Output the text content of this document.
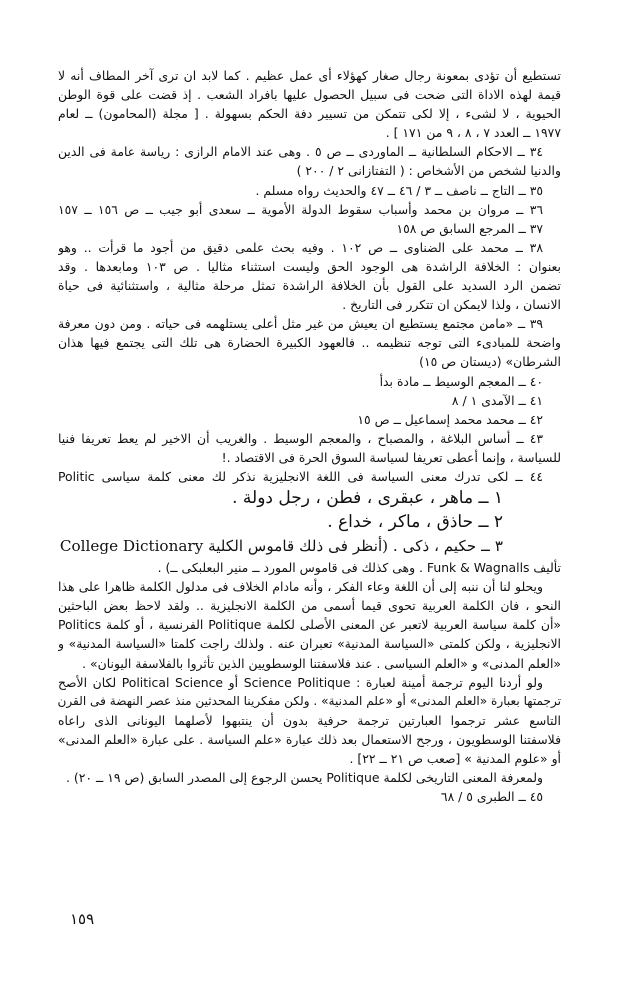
تستطيع أن تؤدى بمعونة رجال صغار كهؤلاء أى عمل عظيم . كما لابد ان ترى آخر المطاف أنه لا

قيمة لهذه الاداة التى ضحت فى سبيل الحصول عليها بافراد الشعب . إذ قضت على قوة الوطن

الحيوية ، لا لشىء ، إلا لكى تتمكن من تسيير دفة الحكم بسهولة . [ مجلة (المحامون) ــ لعام

١٩٧٧ ــ العدد ٧ ، ٨ ، ٩ من ١٧١ ] .

٣٤ ــ الاحكام السلطانية ــ الماوردى ــ ص ٥ . وهى عند الامام الرازى : رياسة عامة فى الدين

والدنيا لشخص من الأشخاص : ( التفتازانى ٢ / ٢٠٠ )

٣٥ ــ التاج ــ ناصف ــ ٣ / ٤٦ ــ ٤٧ والحديث رواه مسلم .

٣٦ ــ مروان بن محمد وأسباب سقوط الدولة الأموية ــ سعدى أبو جيب ــ ص ١٥٦ ــ ١٥٧

٣٧ ــ المرجع السابق ص ١٥٨

٣٨ ــ محمد على الضناوى ــ ص ١٠٢ . وفيه بحث علمى دقيق من أجود ما قرأت .. وهو

بعنوان : الخلافة الراشدة هى الوجود الحق وليست استثناء مثاليا . ص ١٠٣ ومابعدها . وقد

تضمن الرد السديد على القول بأن الخلافة الراشدة تمثل مرحلة مثالية ، واستثنائية فى حياة

الانسان ، ولذا لايمكن ان تتكرر فى التاريخ .

٣٩ ــ «مامن مجتمع يستطيع ان يعيش من غير مثل أعلى يستلهمه فى حياته . ومن دون معرفة

واضحة للمبادىء التى توجه تنظيمه .. فالعهود الكبيرة الحضارة هى تلك التى يجتمع فيها هذان

الشرطان» (ديستان ص ١٥)

٤٠ ــ المعجم الوسيط ــ مادة بدأ

٤١ ــ الآمدى ١ / ٨

٤٢ ــ محمد محمد إسماعيل ــ ص ١٥

٤٣ ــ أساس البلاغة ، والمصباح ، والمعجم الوسيط . والغريب أن الاخير لم يعط تعريفا فنيا

للسياسة ، وإنما أعطى تعريفا لسياسة السوق الحرة فى الاقتصاد .!

٤٤ ــ لكى تدرك معنى السياسة فى اللغة الانجليزية نذكر لك معنى كلمة سياسى Politic

١ ــ ماهر ، عبقرى ، فطن ، رجل دولة .

٢ ــ حاذق ، ماكر ، خداع .

٣ ــ حكيم ، ذكى . (أنظر فى ذلك قاموس الكلية College Dictionary

تأليف Funk & Wagnalls . وهى كذلك فى قاموس المورد ــ منير البعلبكى ــ) .

ويحلو لنا أن ننبه إلى أن اللغة وعاء الفكر ، وأنه مادام الخلاف فى مدلول الكلمة ظاهرا على هذا

النحو ، فان الكلمة العربية تحوى قيما أسمى من الكلمة الانجليزية .. ولقد لاحظ بعض الباحثين

«أن كلمة سياسة العربية لاتعبر عن المعنى الأصلى لكلمة Politique الفرنسية ، أو كلمة Politics

الانجليزية ، ولكن كلمتى «السياسة المدنية» تعبران عنه . ولذلك راجت كلمتا «السياسة المدنية» و

«العلم المدنى» و «العلم السياسى . عند فلاسفتنا الوسطويين الذين تأثروا بالفلاسفة اليونان» .

ولو أردنا اليوم ترجمة أمينة لعبارة : Science Politique أو Political Science لكان الأصح

ترجمتها بعبارة «العلم المدنى» أو «علم المدنية» . ولكن مفكرينا المحدثين منذ عصر النهضة فى القرن

التاسع عشر ترجموا العبارتين ترجمة حرفية بدون أن ينتبهوا لأصلهما اليونانى الذى راعاه

فلاسفتنا الوسطويون ، ورجح الاستعمال بعد ذلك عبارة «علم السياسة . على عبارة «العلم المدنى»

أو «علوم المدنية » [صعب ص ٢١ ــ ٢٢] .

ولمعرفة المعنى التاريخى لكلمة Politique يحسن الرجوع إلى المصدر السابق (ص ١٩ ــ ٢٠) .

٤٥ ــ الطبرى ٥ / ٦٨

١٥٩
